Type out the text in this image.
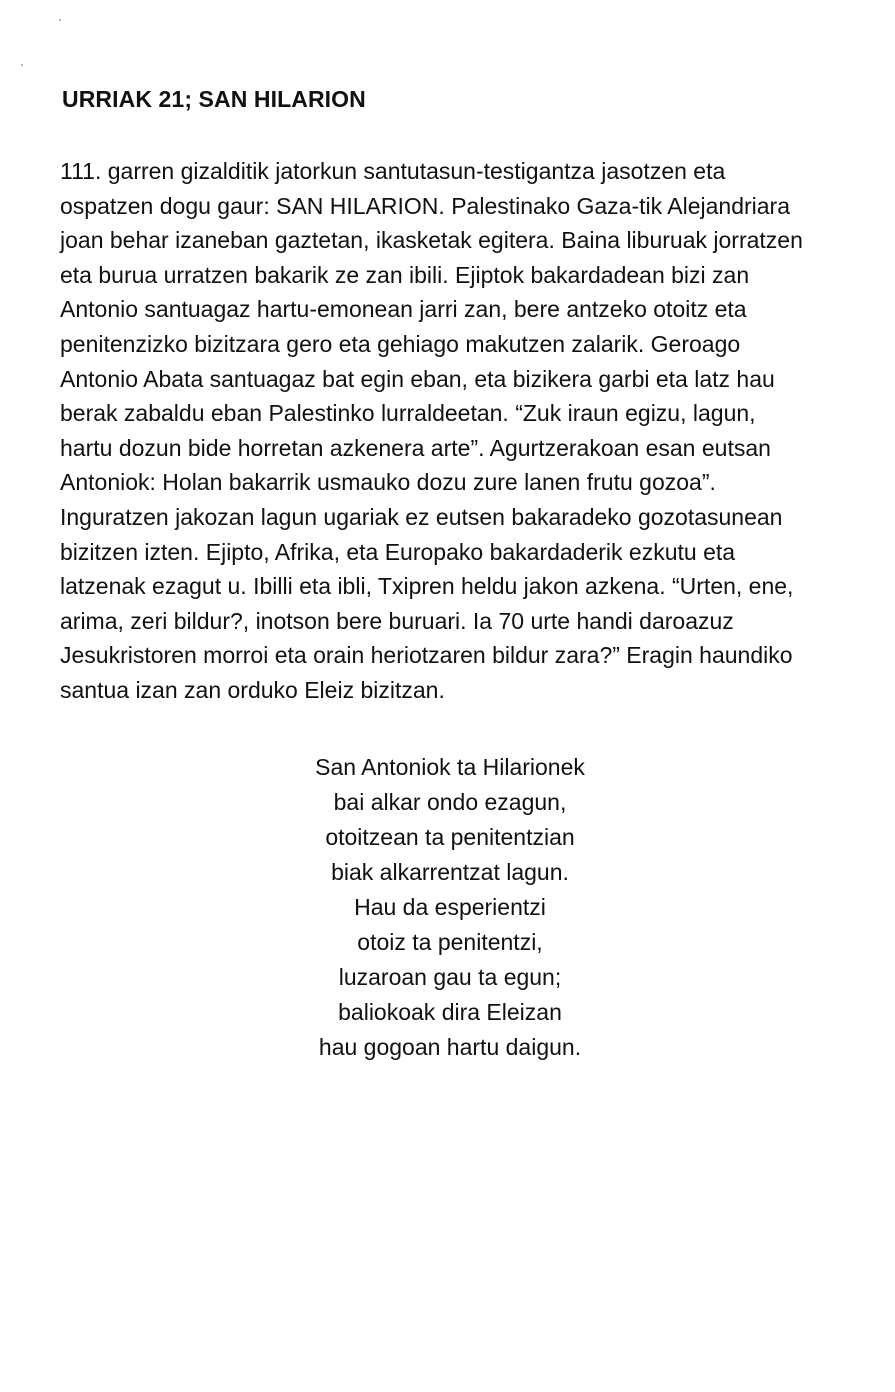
URRIAK 21; SAN HILARION

111. garren gizalditik jatorkun santutasun-testigantza jasotzen eta
ospatzen dogu gaur: SAN HILARION. Palestinako Gaza-tik Alejandriara
joan behar izaneban gaztetan, ikasketak egitera. Baina liburuak jorratzen
eta burua urratzen bakarik ze zan ibili. Ejiptok bakardadean bizi zan
Antonio santuagaz hartu-emonean jarri zan, bere antzeko otoitz eta
penitenzizko bizitzara gero eta gehiago makutzen zalarik. Geroago
Antonio Abata santuagaz bat egin eban, eta bizikera garbi eta latz hau
berak zabaldu eban Palestinko lurraldeetan. “Zuk iraun egizu, lagun,
hartu dozun bide horretan azkenera arte”. Agurtzerakoan esan eutsan
Antoniok: Holan bakarrik usmauko dozu zure lanen frutu gozoa”.
Inguratzen jakozan lagun ugariak ez eutsen bakaradeko gozotasunean
bizitzen izten. Ejipto, Afrika, eta Europako bakardaderik ezkutu eta
latzenak ezagut u. Ibilli eta ibli, Txipren heldu jakon azkena. “Urten, ene,
arima, zeri bildur?, inotson bere buruari. Ia 70 urte handi daroazuz
Jesukristoren morroi eta orain heriotzaren bildur zara?” Eragin haundiko
santua izan zan orduko Eleiz bizitzan.

San Antoniok ta Hilarionek
bai alkar ondo ezagun,
otoitzean ta penitentzian
biak alkarrentzat lagun.
Hau da esperientzi
otoiz ta penitentzi,
luzaroan gau ta egun;
baliokoak dira Eleizan
hau gogoan hartu daigun.
